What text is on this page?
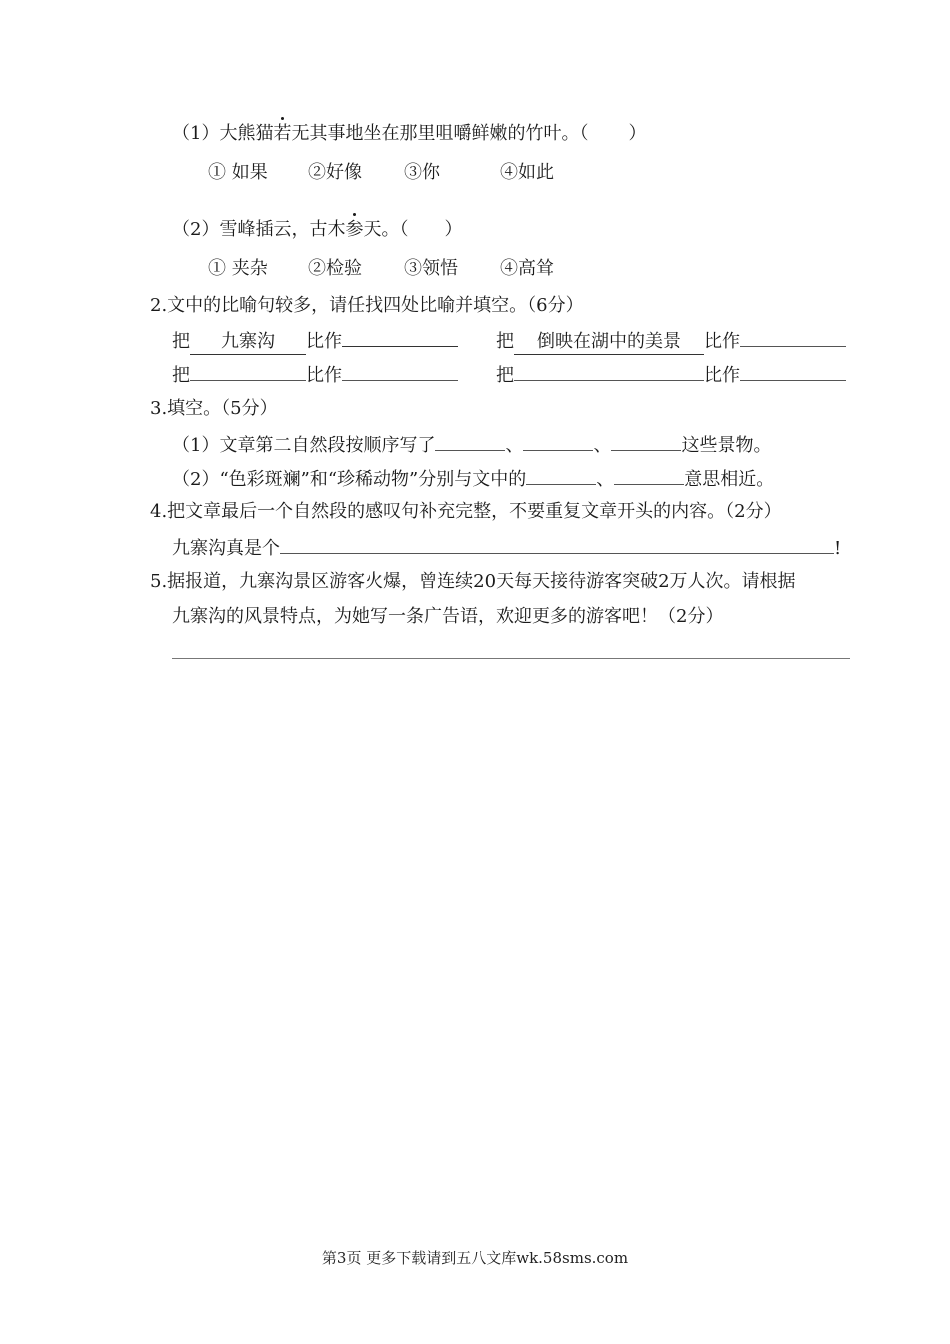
（1）大熊猫若无其事地坐在那里咀嚼鲜嫩的竹叶。（ ）
① 如果 ②好像 ③你	④如此
（2）雪峰插云，古木参天。（ ）
① 夹杂 ②检验 ③领悟 ④高耸
2.文中的比喻句较多，请任找四处比喻并填空。（6分）
把 九寨沟 比作	把 倒映在湖中的美景 比作
把	比作	把	比作
3.填空。（5分）
（1）文章第二自然段按顺序写了	、	、	这些景物。
（2）“色彩斑斓”和“珍稀动物”分别与文中的	、	意思相近。
4.把文章最后一个自然段的感叹句补充完整，不要重复文章开头的内容。（2分）
九寨沟真是个	!
5.据报道，九寨沟景区游客火爆，曾连续20天每天接待游客突破2万人次。请根据
九寨沟的风景特点，为她写一条广告语，欢迎更多的游客吧！（2分）
第3页 更多下载请到五八文库wk.58sms.com
